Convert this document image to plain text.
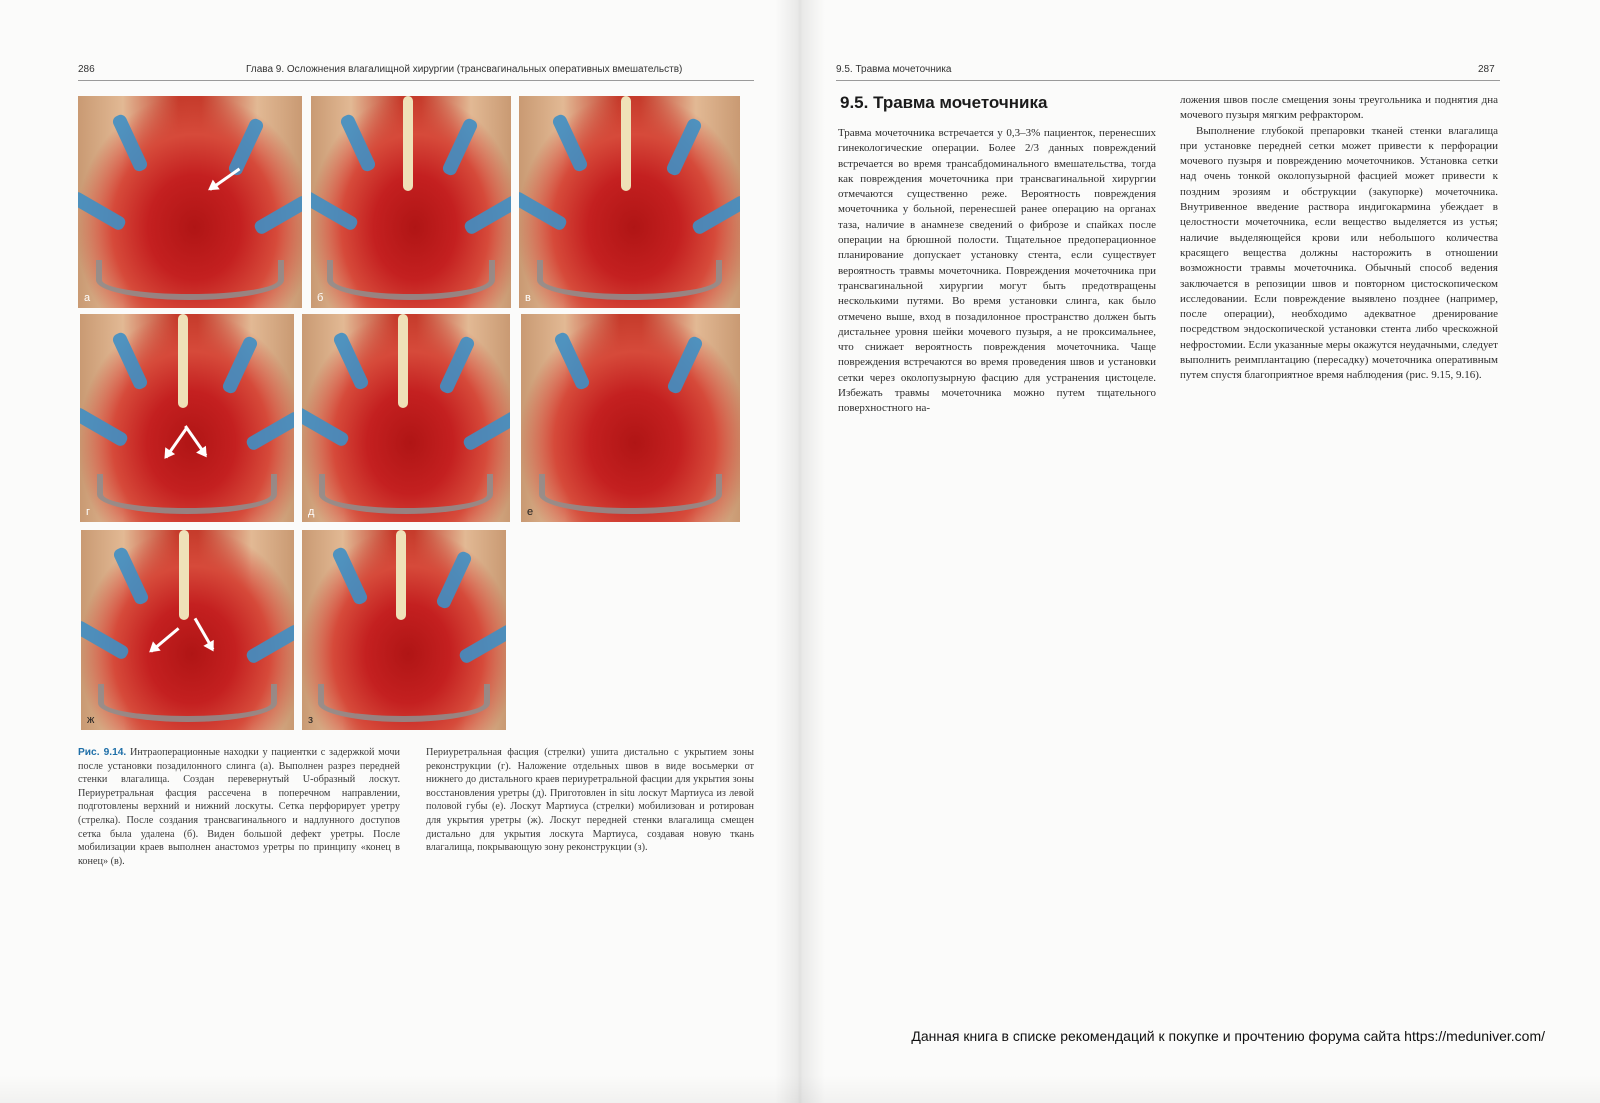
286	Глава 9. Осложнения влагалищной хирургии (трансвагинальных оперативных вмешательств)
а	б	в
г	д	е
ж	з
Рис. 9.14. Интраоперационные находки у пациентки с задержкой мочи после установки позадилонного слинга (а). Выполнен разрез передней стенки влагалища. Создан перевернутый U-образный лоскут. Периуретральная фасция рассечена в поперечном направлении, подготовлены верхний и нижний лоскуты. Сетка перфорирует уретру (стрелка). После создания трансвагинального и надлунного доступов сетка была удалена (б). Виден большой дефект уретры. После мобилизации краев выполнен анастомоз уретры по принципу «конец в конец» (в).
Периуретральная фасция (стрелки) ушита дистально с укрытием зоны реконструкции (г). Наложение отдельных швов в виде восьмерки от нижнего до дистального краев периуретральной фасции для укрытия зоны восстановления уретры (д). Приготовлен in situ лоскут Мартиуса из левой половой губы (е). Лоскут Мартиуса (стрелки) мобилизован и ротирован для укрытия уретры (ж). Лоскут передней стенки влагалища смещен дистально для укрытия лоскута Мартиуса, создавая новую ткань влагалища, покрывающую зону реконструкции (з).
9.5. Травма мочеточника	287
9.5. Травма мочеточника

Травма мочеточника встречается у 0,3–3% пациенток, перенесших гинекологические операции. Более 2/3 данных повреждений встречается во время трансабдоминального вмешательства, тогда как повреждения мочеточника при трансвагинальной хирургии отмечаются существенно реже. Вероятность повреждения мочеточника у больной, перенесшей ранее операцию на органах таза, наличие в анамнезе сведений о фиброзе и спайках после операции на брюшной полости. Тщательное предоперационное планирование допускает установку стента, если существует вероятность травмы мочеточника. Повреждения мочеточника при трансвагинальной хирургии могут быть предотвращены несколькими путями. Во время установки слинга, как было отмечено выше, вход в позадилонное пространство должен быть дистальнее уровня шейки мочевого пузыря, а не проксимальнее, что снижает вероятность повреждения мочеточника. Чаще повреждения встречаются во время проведения швов и установки сетки через околопузырную фасцию для устранения цистоцеле. Избежать травмы мочеточника можно путем тщательного поверхностного на-

ложения швов после смещения зоны треугольника и поднятия дна мочевого пузыря мягким рефрактором.

Выполнение глубокой препаровки тканей стенки влагалища при установке передней сетки может привести к перфорации мочевого пузыря и повреждению мочеточников. Установка сетки над очень тонкой околопузырной фасцией может привести к поздним эрозиям и обструкции (закупорке) мочеточника. Внутривенное введение раствора индигокармина убеждает в целостности мочеточника, если вещество выделяется из устья; наличие выделяющейся крови или небольшого количества красящего вещества должны насторожить в отношении возможности травмы мочеточника. Обычный способ ведения заключается в репозиции швов и повторном цистоскопическом исследовании. Если повреждение выявлено позднее (например, после операции), необходимо адекватное дренирование посредством эндоскопической установки стента либо чрескожной нефростомии. Если указанные меры окажутся неудачными, следует выполнить реимплантацию (пересадку) мочеточника оперативным путем спустя благоприятное время наблюдения (рис. 9.15, 9.16).

Данная книга в списке рекомендаций к покупке и прочтению форума сайта https://meduniver.com/
